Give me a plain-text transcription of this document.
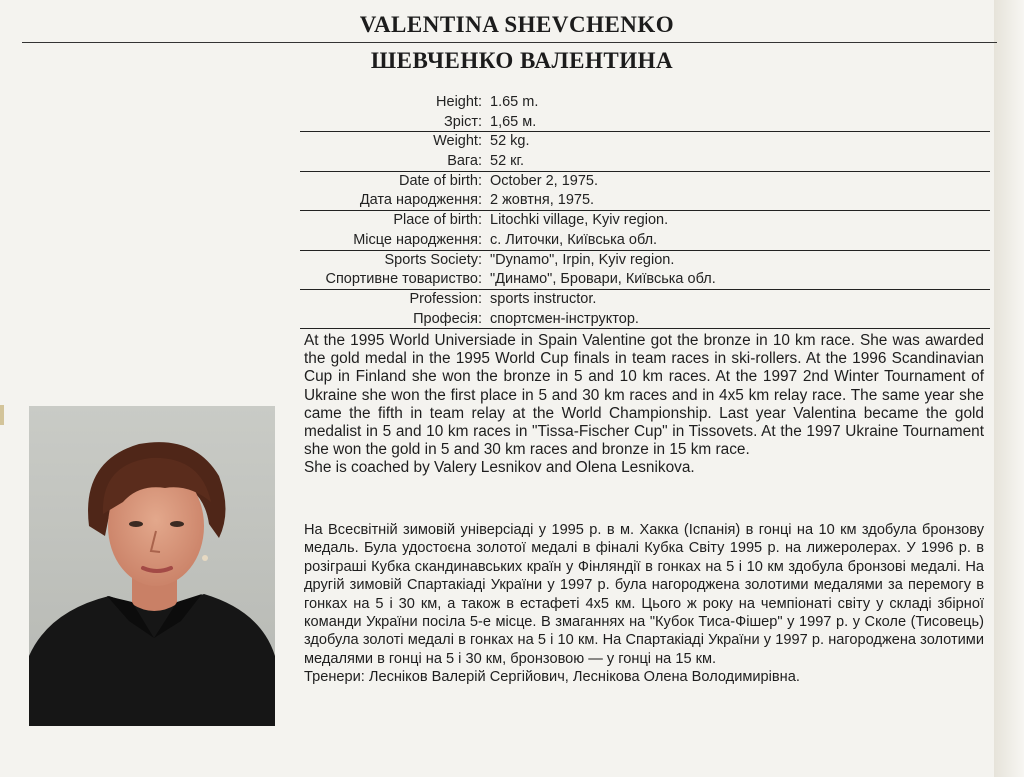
VALENTINA SHEVCHENKO
ШЕВЧЕНКО ВАЛЕНТИНА
Height: 1.65 m.
Зріст: 1,65 м.
Weight: 52 kg.
Вага: 52 кг.
Date of birth: October 2, 1975.
Дата народження: 2 жовтня, 1975.
Place of birth: Litochki village, Kyiv region.
Місце народження: с. Литочки, Київська обл.
Sports Society: "Dynamo", Irpin, Kyiv region.
Спортивне товариство: "Динамо", Бровари, Київська обл.
Profession: sports instructor.
Професія: спортсмен-інструктор.

At the 1995 World Universiade in Spain Valentine got the bronze in 10 km race. She was awarded the gold medal in the 1995 World Cup finals in team races in ski-rollers. At the 1996 Scandinavian Cup in Finland she won the bronze in 5 and 10 km races. At the 1997 2nd Winter Tournament of Ukraine she won the first place in 5 and 30 km races and in 4x5 km relay race. The same year she came the fifth in team relay at the World Championship. Last year Valentina became the gold medalist in 5 and 10 km races in "Tissa-Fischer Cup" in Tissovets. At the 1997 Ukraine Tournament she won the gold in 5 and 30 km races and bronze in 15 km race.

She is coached by Valery Lesnikov and Olena Lesnikova.

На Всесвітній зимовій універсіаді у 1995 р. в м. Хакка (Іспанія) в гонці на 10 км здобула бронзову медаль. Була удостоєна золотої медалі в фіналі Кубка Світу 1995 р. на лижеролерах. У 1996 р. в розіграші Кубка скандинавських країн у Фінляндії в гонках на 5 і 10 км здобула бронзові медалі. На другій зимовій Спартакіаді України у 1997 р. була нагороджена золотими медалями за перемогу в гонках на 5 і 30 км, а також в естафеті 4х5 км. Цього ж року на чемпіонаті світу у складі збірної команди України посіла 5-е місце. В змаганнях на "Кубок Тиса-Фішер" у 1997 р. у Сколе (Тисовець) здобула золоті медалі в гонках на 5 і 10 км. На Спартакіаді України у 1997 р. нагороджена золотими медалями в гонці на 5 і 30 км, бронзовою — у гонці на 15 км.

Тренери: Лесніков Валерій Сергійович, Леснікова Олена Володимирівна.
